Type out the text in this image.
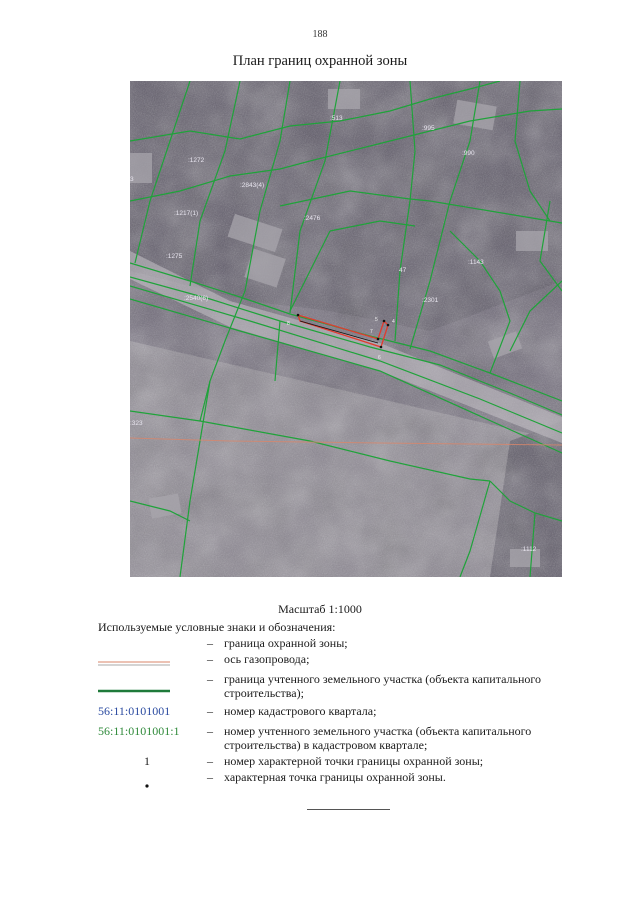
188
План границ охранной зоны
:513
:995
:990
:1272
3
:2843(4)
:1217(1)
:2476
:1143
:1275
47
:2301
:2540(6)
:323
:1112
8
7
4
5
6
Масштаб 1:1000
Используемые условные знаки и обозначения:
– граница охранной зоны;
– ось газопровода;
– граница учтенного земельного участка (объекта капитального строительства);
56:11:0101001	– номер кадастрового квартала;
56:11:0101001:1 – номер учтенного земельного участка (объекта капитального строительства) в кадастровом квартале;
1	– номер характерной точки границы охранной зоны;
– характерная точка границы охранной зоны.
